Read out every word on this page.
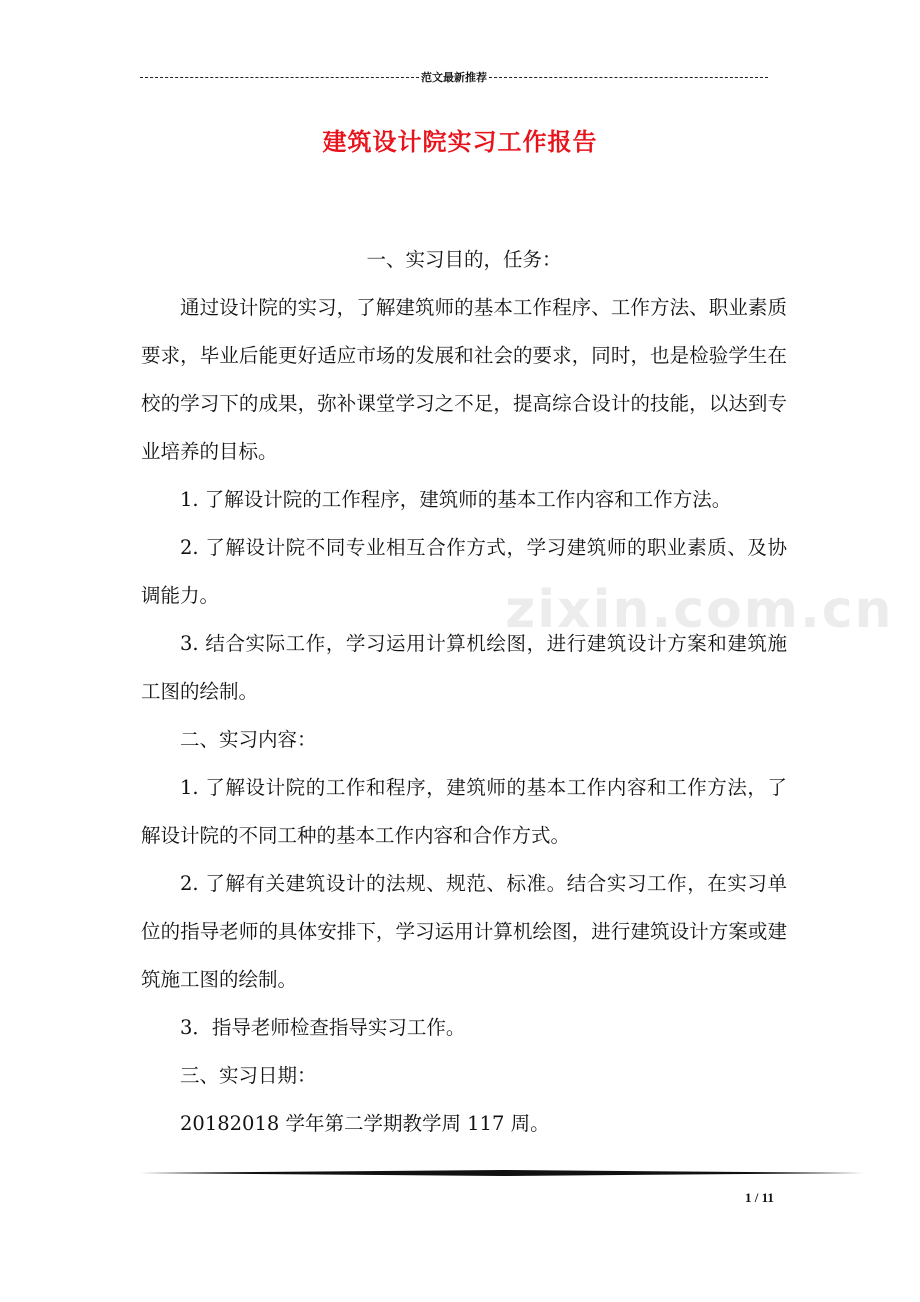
范文最新推荐
建筑设计院实习工作报告
zixin.com.cn

一、实习目的，任务：

通过设计院的实习，了解建筑师的基本工作程序、工作方法、职业素质要求，毕业后能更好适应市场的发展和社会的要求，同时，也是检验学生在校的学习下的成果，弥补课堂学习之不足，提高综合设计的技能，以达到专业培养的目标。

1. 了解设计院的工作程序，建筑师的基本工作内容和工作方法。

2. 了解设计院不同专业相互合作方式，学习建筑师的职业素质、及协调能力。

3. 结合实际工作，学习运用计算机绘图，进行建筑设计方案和建筑施工图的绘制。

二、实习内容：

1. 了解设计院的工作和程序，建筑师的基本工作内容和工作方法，了解设计院的不同工种的基本工作内容和合作方式。

2. 了解有关建筑设计的法规、规范、标准。结合实习工作，在实习单位的指导老师的具体安排下，学习运用计算机绘图，进行建筑设计方案或建筑施工图的绘制。

3．指导老师检查指导实习工作。

三、实习日期：

20182018 学年第二学期教学周 117 周。

1 / 11
